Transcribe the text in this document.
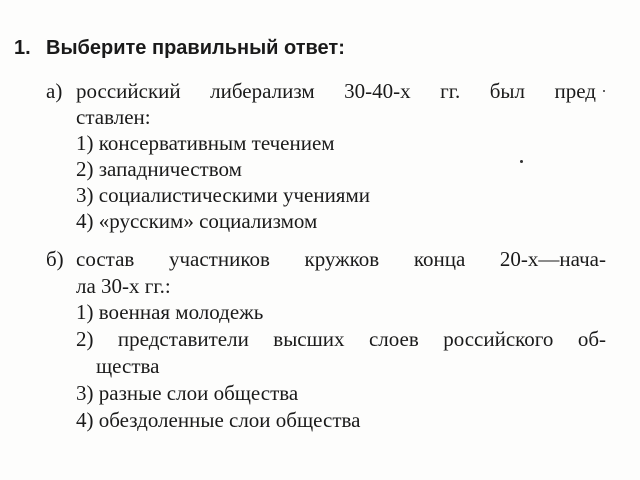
1. Выберите правильный ответ:
а) российский либерализм 30-40-х гг. был пред
ставлен:
1) консервативным течением
2) западничеством
3) социалистическими учениями
4) «русским» социализмом
б) состав участников кружков конца 20-х—нача-
ла 30-х гг.:
1) военная молодежь
2) представители высших слоев российского об-
щества
3) разные слои общества
4) обездоленные слои общества
